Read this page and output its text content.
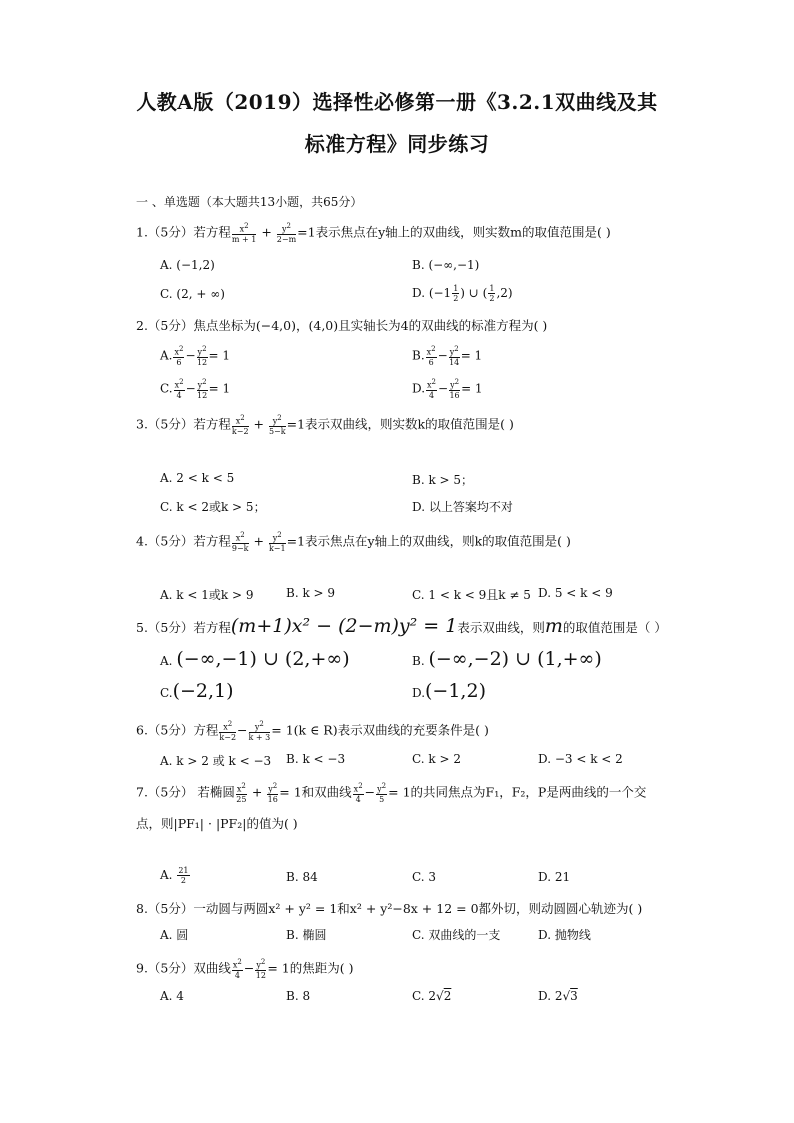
人教A版（2019）选择性必修第一册《3.2.1双曲线及其
标准方程》同步练习
一 、单选题（本大题共13小题，共65分）
1.（5分）若方程 $\frac{x^2}{m + 1} + \frac{y^2}{2-m} =1$表示焦点在y轴上的双曲线，则实数m的取值范围是( )
A. (−1,2)	B. (−∞,−1)
C. (2, + ∞)	D. ($-1 \frac{1}{2}$ ) ∪ ( $\frac{1}{2} ,2$)
2.（5分）焦点坐标为(−4,0)，(4,0)且实轴长为4的双曲线的标准方程为( )
A. $\frac{x^2}{6} - \frac{y^2}{12} = 1$	B. $\frac{x^2}{6} - \frac{y^2}{14} = 1$
C. $\frac{x^2}{4} - \frac{y^2}{12} = 1$	D. $\frac{x^2}{4} - \frac{y^2}{16} = 1$
3.（5分）若方程 $\frac{x^2}{k-2} + \frac{y^2}{5-k} =1$表示双曲线，则实数k的取值范围是( )
A. 2 < k < 5	B. k > 5；
C. k < 2或k > 5；	D. 以上答案均不对
4.（5分）若方程 $\frac{x^2}{9-k} + \frac{y^2}{k-1} =1$表示焦点在y轴上的双曲线，则k的取值范围是( )
A. k < 1或k > 9	B. k > 9	C. 1 < k < 9且k ≠ 5 D. 5 < k < 9
5.（5分）若方程(m+1)x² − (2−m)y² = 1表示双曲线，则m的取值范围是（ ）
A. (−∞,−1) ∪ (2,+∞)	B. (−∞,−2) ∪ (1,+∞)
C.(−2,1)	D.(−1,2)
6.（5分）方程 $\frac{x^2}{k-2} - \frac{y^2}{k + 3} = 1(k$ ∈ R)表示双曲线的充要条件是( )
A. k > 2 或 k < −3 B. k < −3	C. k > 2	D. −3 < k < 2
7.（5分） 若椭圆 $\frac{x^2}{25} + \frac{y^2}{16} = 1$和双曲线 $\frac{x^2}{4} - \frac{y^2}{5} = 1$的共同焦点为F₁，F₂，P是两曲线的一个交
点，则|PF₁| · |PF₂|的值为( )
A. $\frac{21}{2}$	B. 84	C. 3	D. 21
8.（5分）一动圆与两圆x² + y² = 1和x² + y²−8x + 12 = 0都外切，则动圆圆心轨迹为( )
A. 圆	B. 椭圆	C. 双曲线的一支	D. 抛物线
9.（5分）双曲线 $\frac{x^2}{4} - \frac{y^2}{12} = 1$的焦距为( )
A. 4	B. 8	C. 2√2	D. 2√3
